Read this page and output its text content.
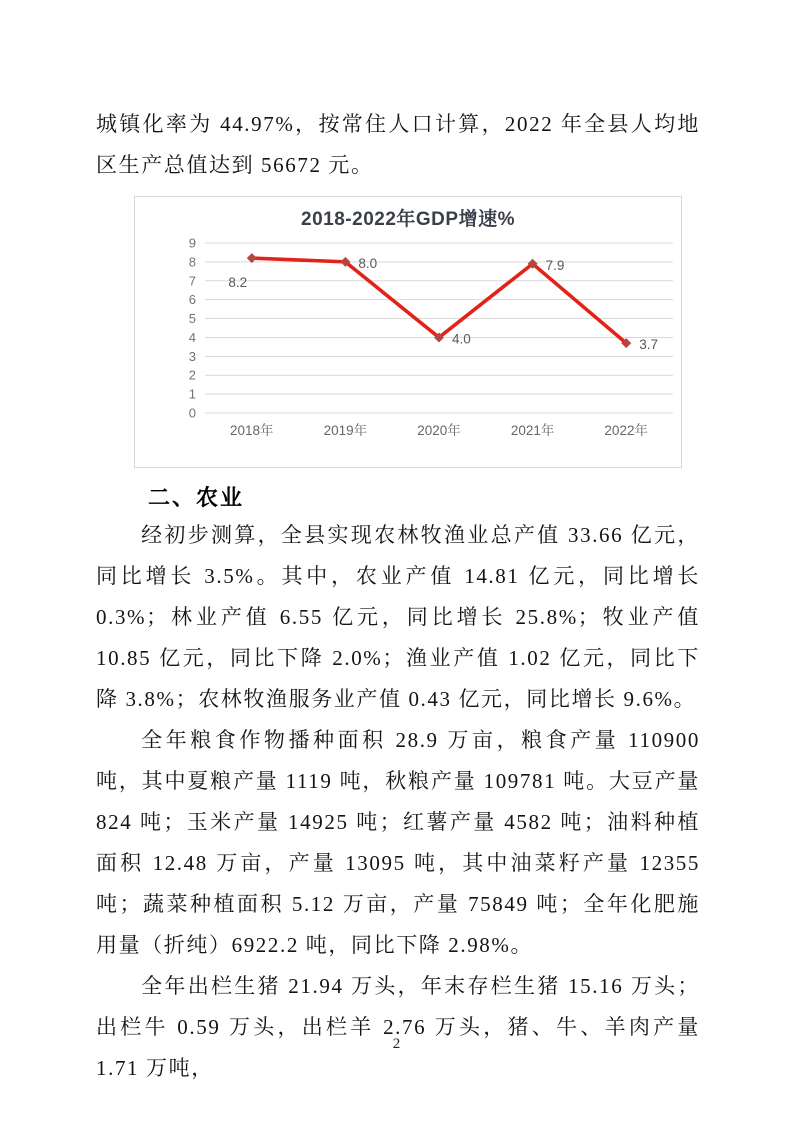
城镇化率为 44.97%，按常住人口计算，2022 年全县人均地区生产总值达到 56672 元。

2018-2022年GDP增速%
0
1
2
3
4
5
6
7
8
9
2018年	2019年	2020年	2021年	2022年
8.2
8.0
4.0
7.9
3.7
二、农业

经初步测算，全县实现农林牧渔业总产值 33.66 亿元，同比增长 3.5%。其中，农业产值 14.81 亿元，同比增长 0.3%；林业产值 6.55 亿元，同比增长 25.8%；牧业产值 10.85 亿元，同比下降 2.0%；渔业产值 1.02 亿元，同比下降 3.8%；农林牧渔服务业产值 0.43 亿元，同比增长 9.6%。

全年粮食作物播种面积 28.9 万亩，粮食产量 110900 吨，其中夏粮产量 1119 吨，秋粮产量 109781 吨。大豆产量 824 吨；玉米产量 14925 吨；红薯产量 4582 吨；油料种植面积 12.48 万亩，产量 13095 吨，其中油菜籽产量 12355 吨；蔬菜种植面积 5.12 万亩，产量 75849 吨；全年化肥施用量（折纯）6922.2 吨，同比下降 2.98%。

全年出栏生猪 21.94 万头，年末存栏生猪 15.16 万头；出栏牛 0.59 万头，出栏羊 2.76 万头，猪、牛、羊肉产量 1.71 万吨，

2
